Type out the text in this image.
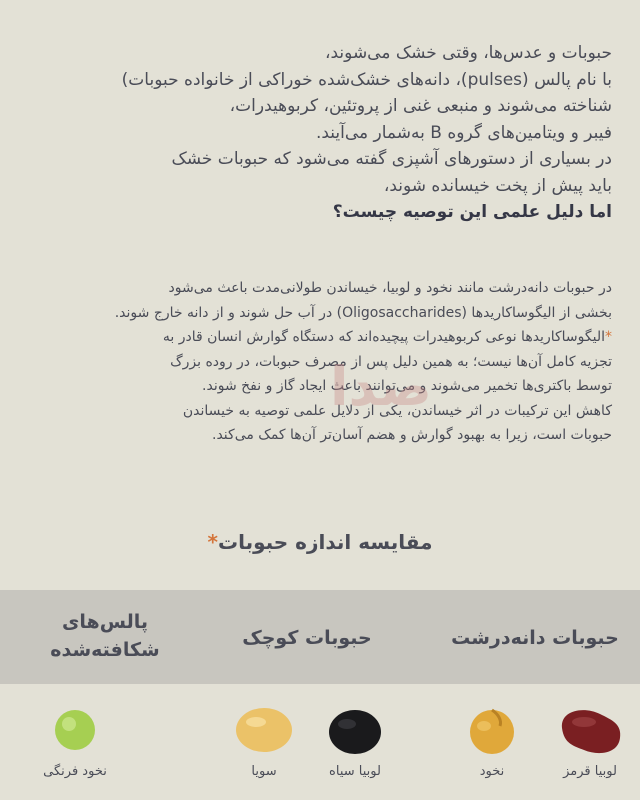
حبوبات و عدس‌ها، وقتی خشک می‌شوند،
با نام پالس (pulses)، دانه‌های خشک‌شده خوراکی از خانواده حبوبات)
شناخته می‌شوند و منبعی غنی از پروتئین، کربوهیدرات،
فیبر و ویتامین‌های گروه B به‌شمار می‌آیند.
در بسیاری از دستورهای آشپزی گفته می‌شود که حبوبات خشک
باید پیش از پخت خیسانده شوند،
اما دلیل علمی این توصیه چیست؟
در حبوبات دانه‌درشت مانند نخود و لوبیا، خیساندن طولانی‌مدت باعث می‌شود
بخشی از الیگوساکاریدها (Oligosaccharides) در آب حل شوند و از دانه خارج شوند.
*الیگوساکاریدها نوعی کربوهیدرات پیچیده‌اند که دستگاه گوارش انسان قادر به
تجزیه کامل آن‌ها نیست؛ به همین دلیل پس از مصرف حبوبات، در روده بزرگ
توسط باکتری‌ها تخمیر می‌شوند و می‌توانند باعث ایجاد گاز و نفخ شوند.
کاهش این ترکیبات در اثر خیساندن، یکی از دلایل علمی توصیه به خیساندن
حبوبات است، زیرا به بهبود گوارش و هضم آسان‌تر آن‌ها کمک می‌کند.
صدا
مقایسه اندازه حبوبات*
حبوبات دانه‌درشت
حبوبات کوچک
پالس‌های
شکافته‌شده
لوبیا قرمز
نخود
لوبیا سیاه
سویا
نخود فرنگی
